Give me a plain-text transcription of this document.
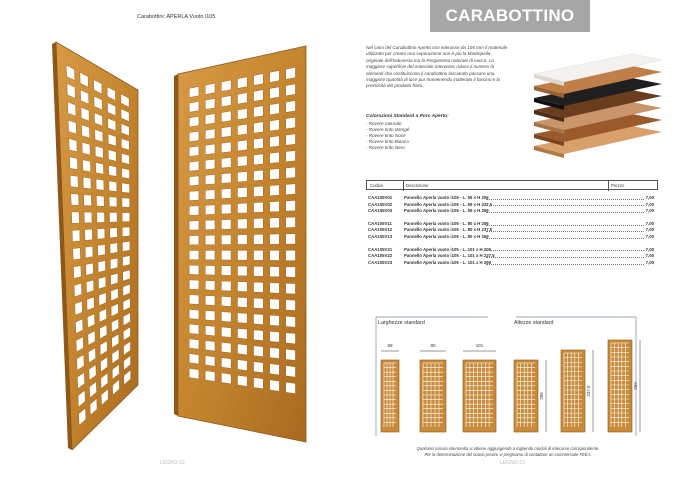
Carabottini: APERLA Vuoto i105
LEGNO-12
CARABOTTINO
Nel caso del Carabottino Aperto con interasse da 105 mm il materiale utilizzato per creare una separazione non è più la Madrepeila originale dell'Indonesia ma la Pergamena naturale di vacca. La maggiore superficie del materiale interposto riduce il numero di elementi che costituiscono il carabottino lasciando passare una maggiore quantità di luce pur mantenendo inalterato il fascino e la preziosità del prodotto finito.
Colorazioni Standard a Poro Aperto:
- Rovere naturale
- Rovere tinto Wengé
- Rovere tinto Noce
- Rovere tinto Bianco
- Rovere tinto Nero
Codice	Descrizione	Prezzo
CAA105V01	Pannello Aperla vuoto i105 - L. 59 x H 206	7,00
CAA105V02	Pannello Aperla vuoto i105 - L. 59 x H 237,5	7,00
CAA105V03	Pannello Aperla vuoto i105 - L. 59 x H 269	7,00
CAA105V11	Pannello Aperla vuoto i105 - L. 80 x H 206	7,00
CAA105V12	Pannello Aperla vuoto i105 - L. 80 x H 237,5	7,00
CAA105V13	Pannello Aperla vuoto i105 - L. 80 x H 269	7,00
CAA105V21	Pannello Aperla vuoto i105 - L. 101 x H 206	7,00
CAA105V22	Pannello Aperla vuoto i105 - L. 101 x H 237,5	7,00
CAA105V23	Pannello Aperla vuoto i105 - L. 101 x H 269	7,00
Larghezze standard	Altezze standard
59	80	101
206	237,5	269
Qualsiasi misura intermedia si ottiene aggiungendo o togliendo moduli di interasse corrispondente.
Per la determinazione del nuovo prezzo vi preghiamo di contattare un commerciale FEEA.
LEGNO-13
